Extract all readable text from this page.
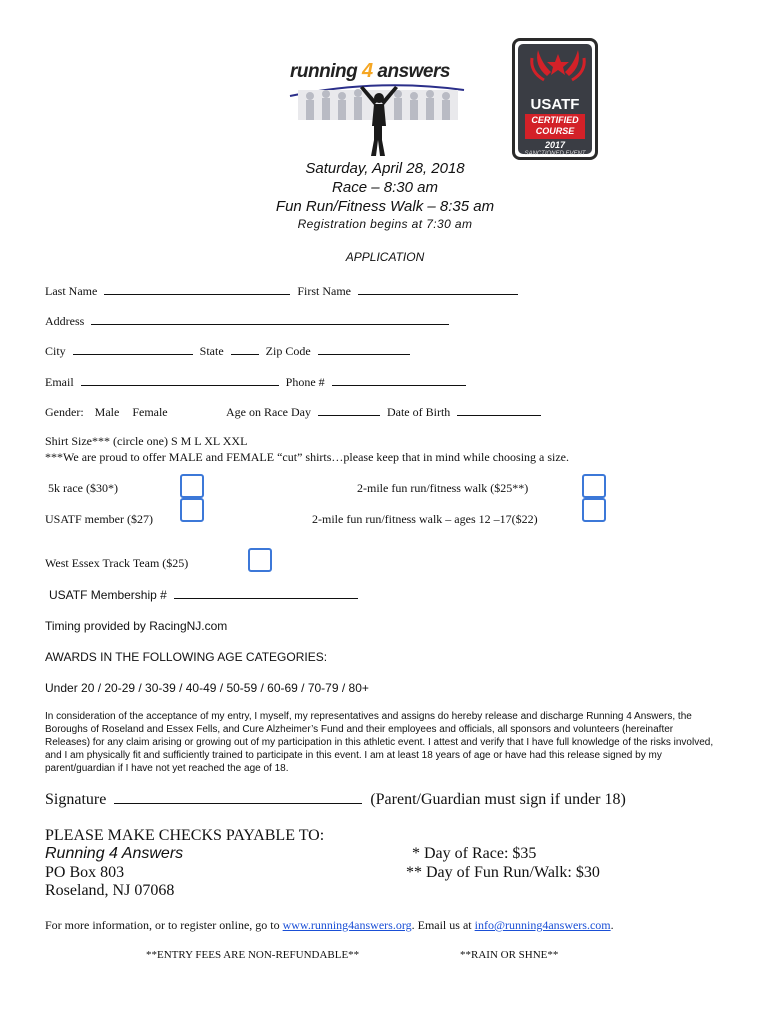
running 4 answers
USATF
CERTIFIED
COURSE
2017
SANCTIONED EVENT
Saturday, April 28, 2018
Race – 8:30 am
Fun Run/Fitness Walk – 8:35 am
Registration begins at 7:30 am
APPLICATION
Last Name	First Name
Address
City	State	Zip Code
Email	Phone #
Gender: Male Female	Age on Race Day	Date of Birth
Shirt Size*** (circle one) S M L XL XXL
***We are proud to offer MALE and FEMALE “cut” shirts…please keep that in mind while choosing a size.
5k race ($30*)	2-mile fun run/fitness walk ($25**)
USATF member ($27)	2-mile fun run/fitness walk – ages 12 –17($22)
West Essex Track Team ($25)
USATF Membership #
Timing provided by RacingNJ.com
AWARDS IN THE FOLLOWING AGE CATEGORIES:
Under 20 / 20-29 / 30-39 / 40-49 / 50-59 / 60-69 / 70-79 / 80+
In consideration of the acceptance of my entry, I myself, my representatives and assigns do hereby release and discharge Running 4 Answers, the
Boroughs of Roseland and Essex Fells, and Cure Alzheimer’s Fund and their employees and officials, all sponsors and volunteers (hereinafter
Releases) for any claim arising or growing out of my participation in this athletic event. I attest and verify that I have full knowledge of the risks involved,
and I am physically fit and sufficiently trained to participate in this event. I am at least 18 years of age or have had this release signed by my
parent/guardian if I have not yet reached the age of 18.
Signature	(Parent/Guardian must sign if under 18)
PLEASE MAKE CHECKS PAYABLE TO:
Running 4 Answers
PO Box 803
Roseland, NJ 07068
* Day of Race: $35
** Day of Fun Run/Walk: $30
For more information, or to register online, go to www.running4answers.org. Email us at info@running4answers.com.
**ENTRY FEES ARE NON-REFUNDABLE**	**RAIN OR SHNE**
